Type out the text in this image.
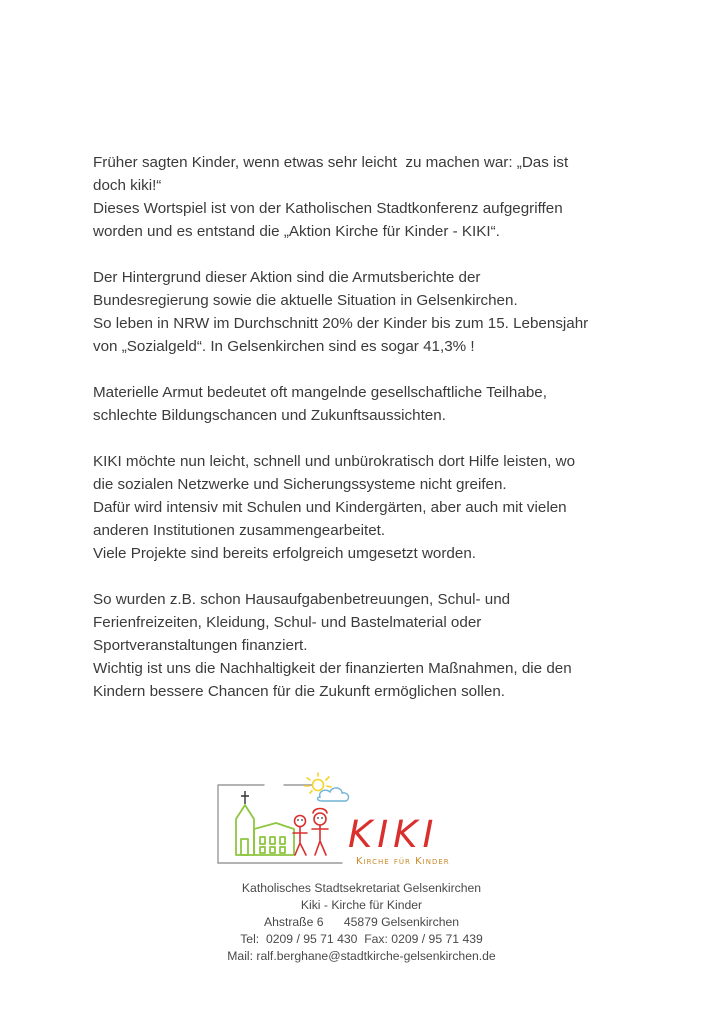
Früher sagten Kinder, wenn etwas sehr leicht  zu machen war: „Das ist
doch kiki!“
Dieses Wortspiel ist von der Katholischen Stadtkonferenz aufgegriffen
worden und es entstand die „Aktion Kirche für Kinder - KIKI“.

Der Hintergrund dieser Aktion sind die Armutsberichte der
Bundesregierung sowie die aktuelle Situation in Gelsenkirchen.
So leben in NRW im Durchschnitt 20% der Kinder bis zum 15. Lebensjahr
von „Sozialgeld“. In Gelsenkirchen sind es sogar 41,3% !

Materielle Armut bedeutet oft mangelnde gesellschaftliche Teilhabe,
schlechte Bildungschancen und Zukunftsaussichten.

KIKI möchte nun leicht, schnell und unbürokratisch dort Hilfe leisten, wo
die sozialen Netzwerke und Sicherungssysteme nicht greifen.
Dafür wird intensiv mit Schulen und Kindergärten, aber auch mit vielen
anderen Institutionen zusammengearbeitet.
Viele Projekte sind bereits erfolgreich umgesetzt worden.

So wurden z.B. schon Hausaufgabenbetreuungen, Schul- und
Ferienfreizeiten, Kleidung, Schul- und Bastelmaterial oder
Sportveranstaltungen finanziert.
Wichtig ist uns die Nachhaltigkeit der finanzierten Maßnahmen, die den
Kindern bessere Chancen für die Zukunft ermöglichen sollen.

KIKI
Kirche für Kinder
Katholisches Stadtsekretariat Gelsenkirchen
Kiki - Kirche für Kinder
Ahstraße 6      45879 Gelsenkirchen
Tel:  0209 / 95 71 430  Fax: 0209 / 95 71 439
Mail: ralf.berghane@stadtkirche-gelsenkirchen.de
